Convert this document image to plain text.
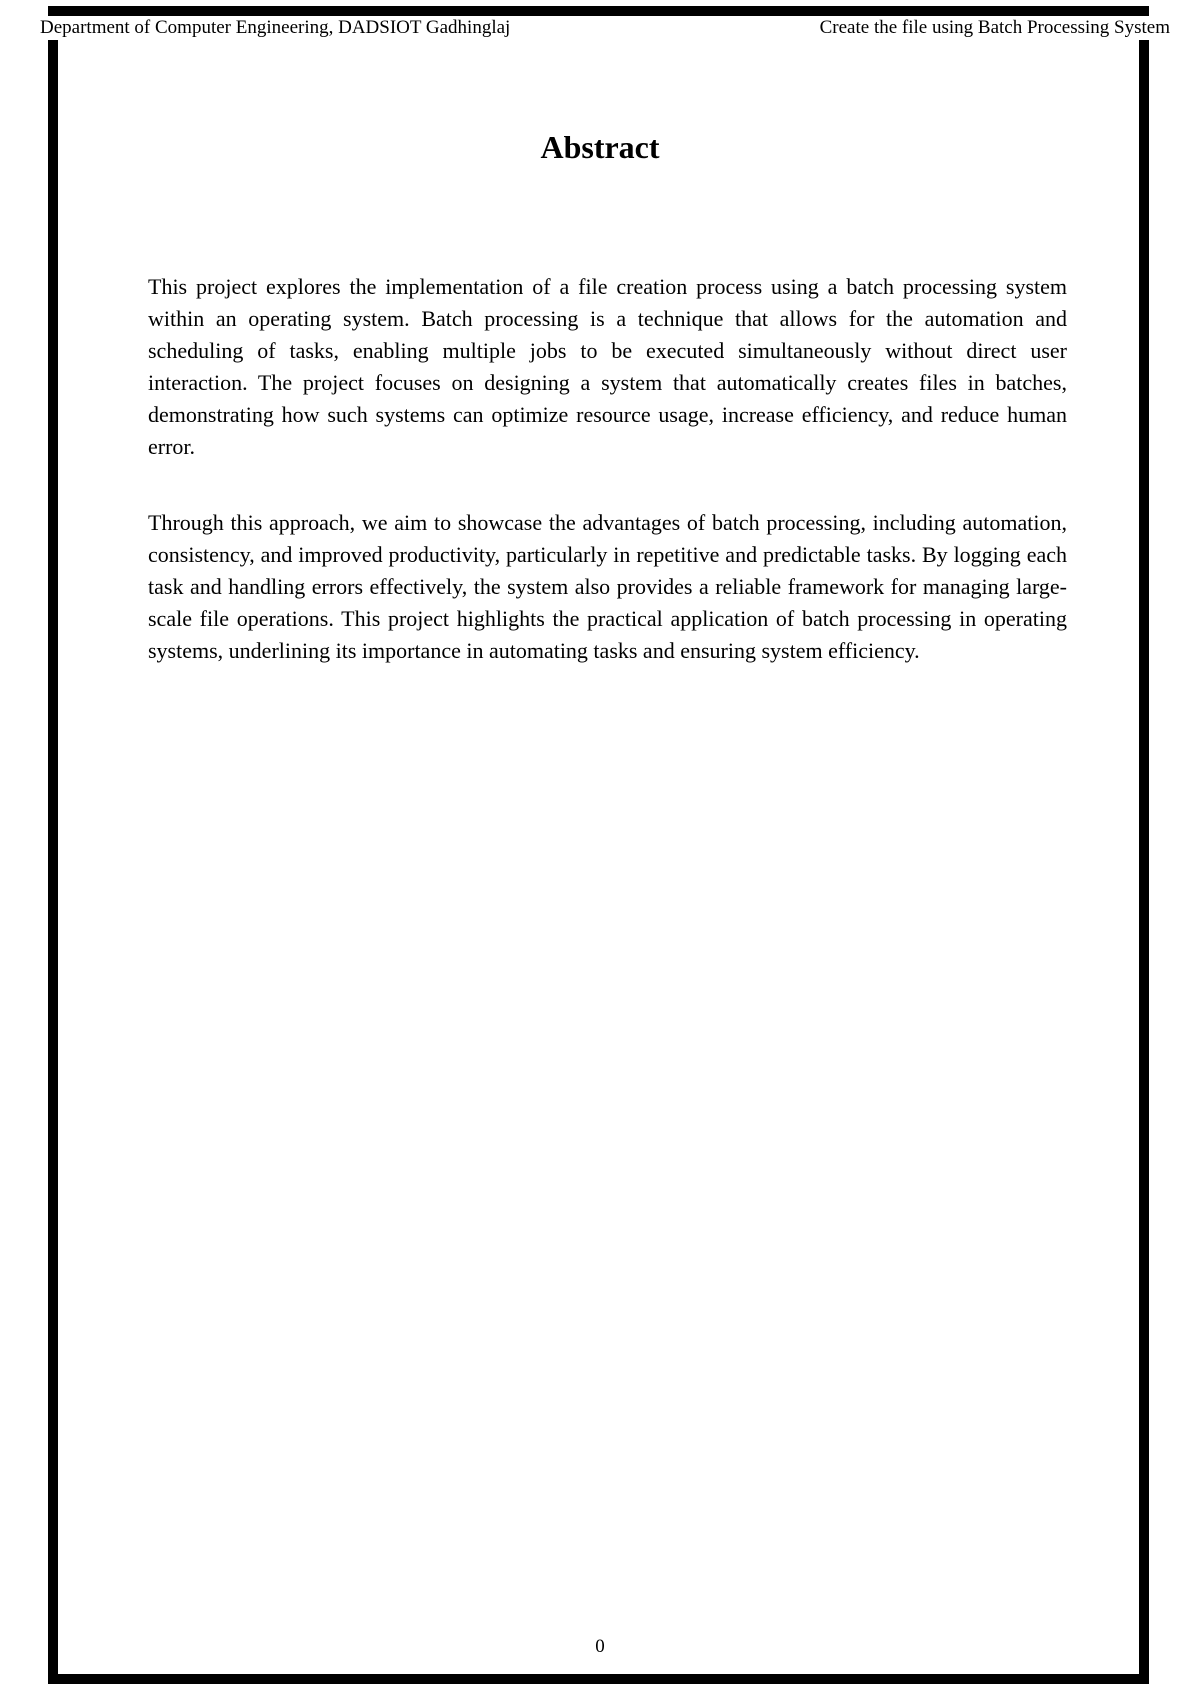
Department of Computer Engineering, DADSIOT Gadhinglaj	Create the file using Batch Processing System
Abstract

This project explores the implementation of a file creation process using a batch processing system within an operating system. Batch processing is a technique that allows for the automation and scheduling of tasks, enabling multiple jobs to be executed simultaneously without direct user interaction. The project focuses on designing a system that automatically creates files in batches, demonstrating how such systems can optimize resource usage, increase efficiency, and reduce human error.

Through this approach, we aim to showcase the advantages of batch processing, including automation, consistency, and improved productivity, particularly in repetitive and predictable tasks. By logging each task and handling errors effectively, the system also provides a reliable framework for managing large-scale file operations. This project highlights the practical application of batch processing in operating systems, underlining its importance in automating tasks and ensuring system efficiency.

0
